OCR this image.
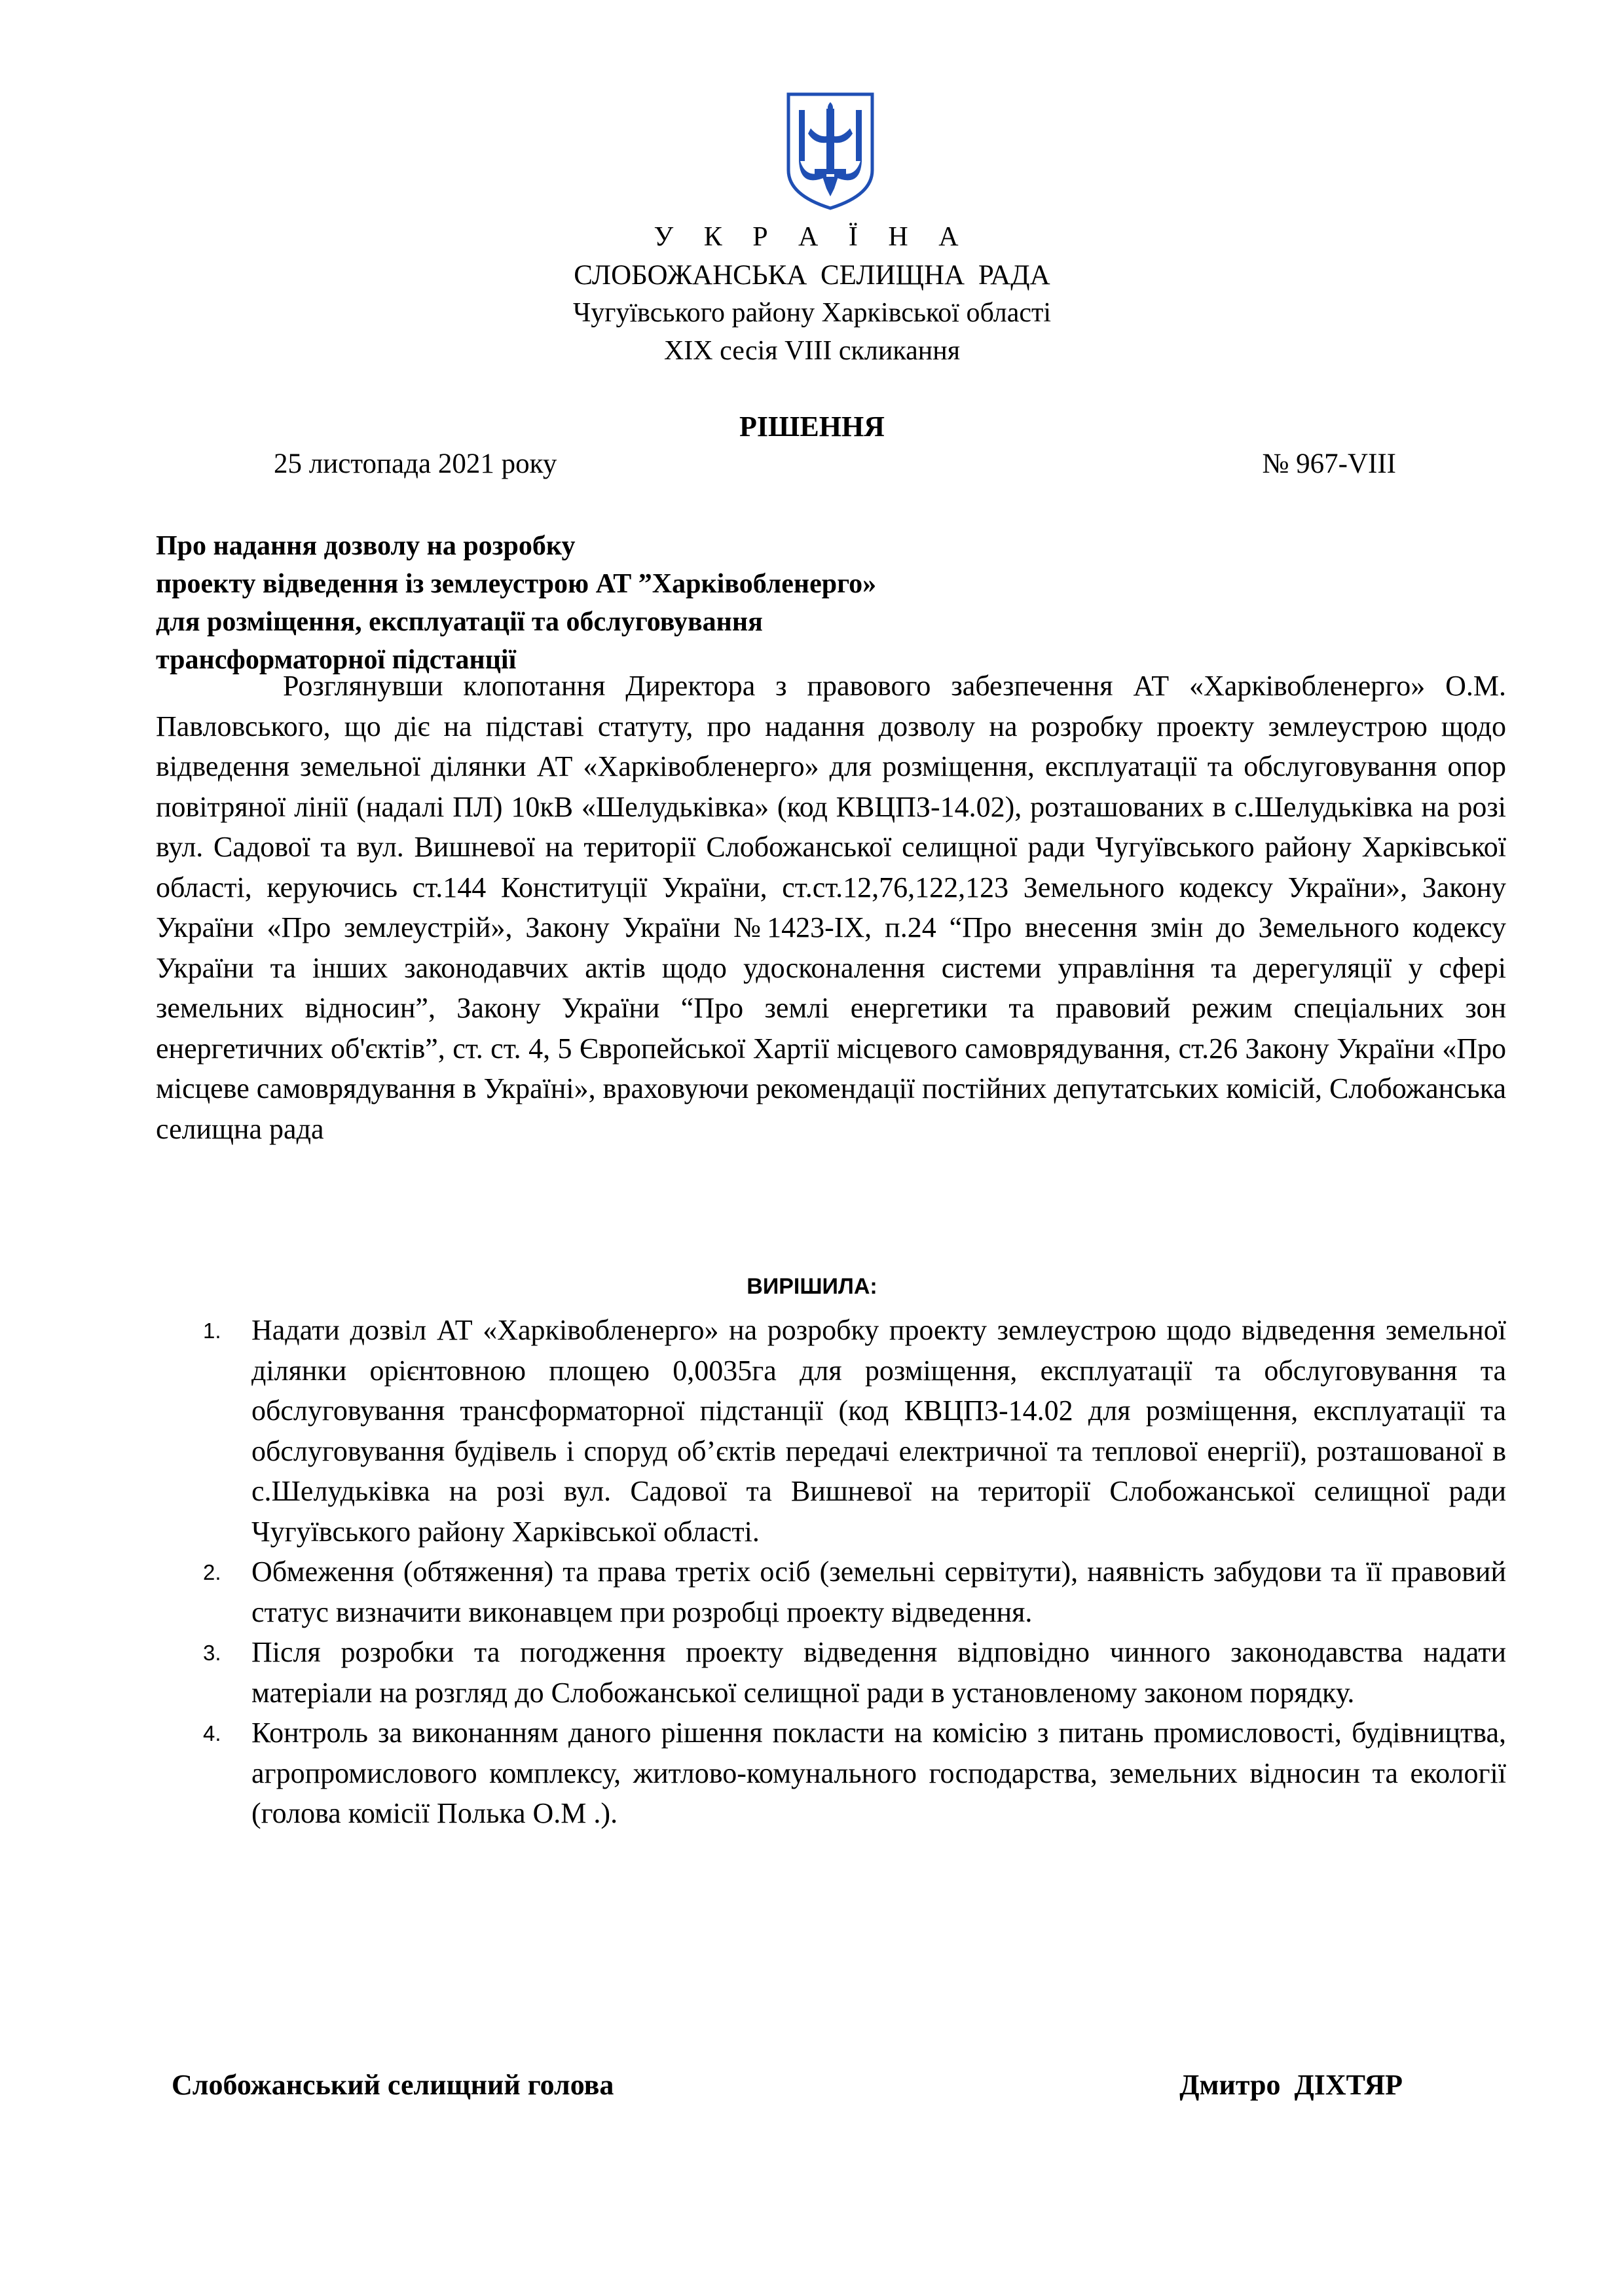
У К Р А Ї Н А
СЛОБОЖАНСЬКА СЕЛИЩНА РАДА
Чугуївського району Харківської області
ХIХ сесія VIII скликання
РІШЕННЯ
25 листопада 2021 року	№ 967-VIII
Про надання дозволу на розробку
проекту відведення із землеустрою АТ ”Харківобленерго»
для розміщення, експлуатації та обслуговування
трансформаторної підстанції

Розглянувши клопотання Директора з правового забезпечення АТ «Харківобленерго» О.М. Павловського, що діє на підставі статуту, про надання дозволу на розробку проекту землеустрою щодо відведення земельної ділянки АТ «Харківобленерго» для розміщення, експлуатації та обслуговування опор повітряної лінії (надалі ПЛ) 10кВ «Шелудьківка» (код КВЦПЗ-14.02), розташованих в с.Шелудьківка на розі вул. Садової та вул. Вишневої на території Слобожанської селищної ради Чугуївського району Харківської області, керуючись ст.144 Конституції України, ст.ст.12,76,122,123 Земельного кодексу України», Закону України «Про землеустрій», Закону України №1423-ІХ, п.24 “Про внесення змін до Земельного кодексу України та інших законодавчих актів щодо удосконалення системи управління та дерегуляції у сфері земельних відносин”, Закону України “Про землі енергетики та правовий режим спеціальних зон енергетичних об'єктів”, ст. ст. 4, 5 Європейської Хартії місцевого самоврядування, ст.26 Закону України «Про місцеве самоврядування в Україні», враховуючи рекомендації постійних депутатських комісій, Слобожанська селищна рада

ВИРІШИЛА:
1. Надати дозвіл АТ «Харківобленерго» на розробку проекту землеустрою щодо відведення земельної ділянки орієнтовною площею 0,0035га для розміщення, експлуатації та обслуговування та обслуговування трансформаторної підстанції (код КВЦПЗ-14.02 для розміщення, експлуатації та обслуговування будівель і споруд об’єктів передачі електричної та теплової енергії), розташованої в с.Шелудьківка на розі вул. Садової та Вишневої на території Слобожанської селищної ради Чугуївського району Харківської області.
2. Обмеження (обтяження) та права третіх осіб (земельні сервітути), наявність забудови та її правовий статус визначити виконавцем при розробці проекту відведення.
3. Після розробки та погодження проекту відведення відповідно чинного законодавства надати матеріали на розгляд до Слобожанської селищної ради в установленому законом порядку.
4. Контроль за виконанням даного рішення покласти на комісію з питань промисловості, будівництва, агропромислового комплексу, житлово-комунального господарства, земельних відносин та екології (голова комісії Полька О.М .).
Слобожанський селищний голова	Дмитро ДІХТЯР
